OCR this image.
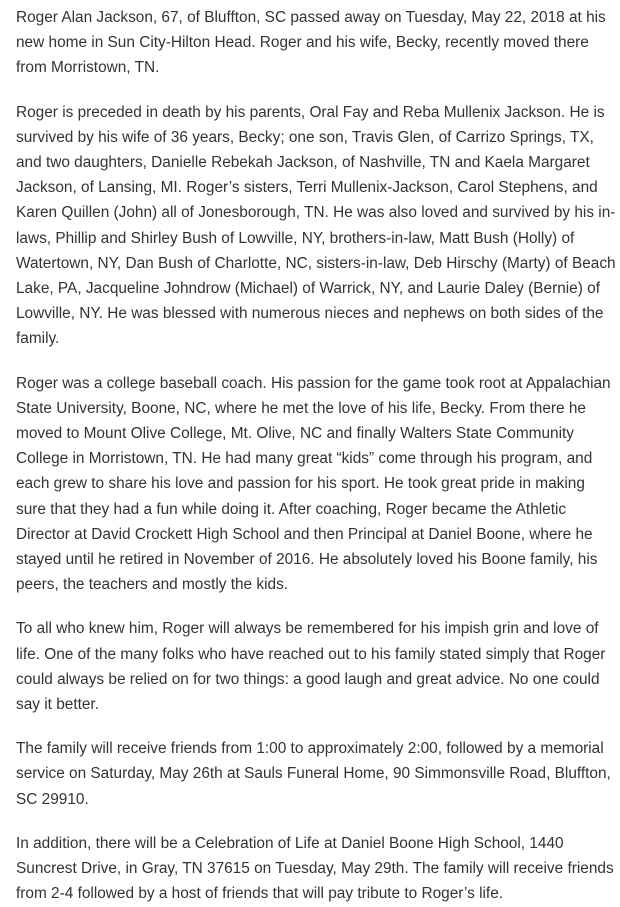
Roger Alan Jackson, 67, of Bluffton, SC passed away on Tuesday, May 22, 2018 at his new home in Sun City-Hilton Head. Roger and his wife, Becky, recently moved there from Morristown, TN.

Roger is preceded in death by his parents, Oral Fay and Reba Mullenix Jackson. He is survived by his wife of 36 years, Becky; one son, Travis Glen, of Carrizo Springs, TX, and two daughters, Danielle Rebekah Jackson, of Nashville, TN and Kaela Margaret Jackson, of Lansing, MI. Roger’s sisters, Terri Mullenix-Jackson, Carol Stephens, and Karen Quillen (John) all of Jonesborough, TN. He was also loved and survived by his in-laws, Phillip and Shirley Bush of Lowville, NY, brothers-in-law, Matt Bush (Holly) of Watertown, NY, Dan Bush of Charlotte, NC, sisters-in-law, Deb Hirschy (Marty) of Beach Lake, PA, Jacqueline Johndrow (Michael) of Warrick, NY, and Laurie Daley (Bernie) of Lowville, NY. He was blessed with numerous nieces and nephews on both sides of the family.

Roger was a college baseball coach. His passion for the game took root at Appalachian State University, Boone, NC, where he met the love of his life, Becky. From there he moved to Mount Olive College, Mt. Olive, NC and finally Walters State Community College in Morristown, TN. He had many great “kids” come through his program, and each grew to share his love and passion for his sport. He took great pride in making sure that they had a fun while doing it. After coaching, Roger became the Athletic Director at David Crockett High School and then Principal at Daniel Boone, where he stayed until he retired in November of 2016. He absolutely loved his Boone family, his peers, the teachers and mostly the kids.

To all who knew him, Roger will always be remembered for his impish grin and love of life. One of the many folks who have reached out to his family stated simply that Roger could always be relied on for two things: a good laugh and great advice. No one could say it better.

The family will receive friends from 1:00 to approximately 2:00, followed by a memorial service on Saturday, May 26th at Sauls Funeral Home, 90 Simmonsville Road, Bluffton, SC 29910.

In addition, there will be a Celebration of Life at Daniel Boone High School, 1440 Suncrest Drive, in Gray, TN 37615 on Tuesday, May 29th. The family will receive friends from 2-4 followed by a host of friends that will pay tribute to Roger’s life.
